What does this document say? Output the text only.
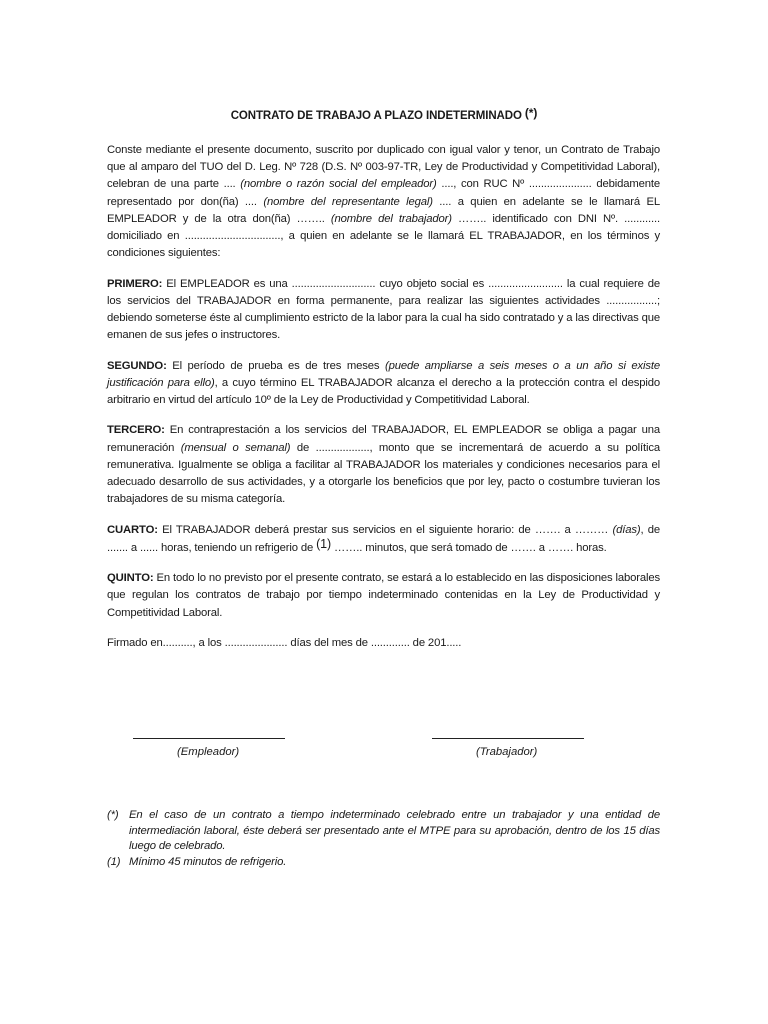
CONTRATO DE TRABAJO A PLAZO INDETERMINADO (*)

Conste mediante el presente documento, suscrito por duplicado con igual valor y tenor, un Contrato de Trabajo que al amparo del TUO del D. Leg. Nº 728 (D.S. Nº 003-97-TR, Ley de Productividad y Competitividad Laboral), celebran de una parte .... (nombre o razón social del empleador) ...., con RUC Nº ..................... debidamente representado por don(ña) .... (nombre del representante legal) .... a quien en adelante se le llamará EL EMPLEADOR y de la otra don(ña) …….. (nombre del trabajador) …….. identificado con DNI Nº. ............ domiciliado en ................................, a quien en adelante se le llamará EL TRABAJADOR, en los términos y condiciones siguientes:

PRIMERO: El EMPLEADOR es una ............................ cuyo objeto social es ......................... la cual requiere de los servicios del TRABAJADOR en forma permanente, para realizar las siguientes actividades .................; debiendo someterse éste al cumplimiento estricto de la labor para la cual ha sido contratado y a las directivas que emanen de sus jefes o instructores.

SEGUNDO: El período de prueba es de tres meses (puede ampliarse a seis meses o a un año si existe justificación para ello), a cuyo término EL TRABAJADOR alcanza el derecho a la protección contra el despido arbitrario en virtud del artículo 10º de la Ley de Productividad y Competitividad Laboral.

TERCERO: En contraprestación a los servicios del TRABAJADOR, EL EMPLEADOR se obliga a pagar una remuneración (mensual o semanal) de .................., monto que se incrementará de acuerdo a su política remunerativa. Igualmente se obliga a facilitar al TRABAJADOR los materiales y condiciones necesarios para el adecuado desarrollo de sus actividades, y a otorgarle los beneficios que por ley, pacto o costumbre tuvieran los trabajadores de su misma categoría.

CUARTO: El TRABAJADOR deberá prestar sus servicios en el siguiente horario: de ……. a ……… (días), de ....... a ...... horas, teniendo un refrigerio de (1) …….. minutos, que será tomado de ……. a ……. horas.

QUINTO: En todo lo no previsto por el presente contrato, se estará a lo establecido en las disposiciones laborales que regulan los contratos de trabajo por tiempo indeterminado contenidas en la Ley de Productividad y Competitividad Laboral.

Firmado en.........., a los ..................... días del mes de ............. de 201.....

(Empleador)	(Trabajador)
(*) En el caso de un contrato a tiempo indeterminado celebrado entre un trabajador y una entidad de intermediación laboral, éste deberá ser presentado ante el MTPE para su aprobación, dentro de los 15 días luego de celebrado.
(1) Mínimo 45 minutos de refrigerio.
